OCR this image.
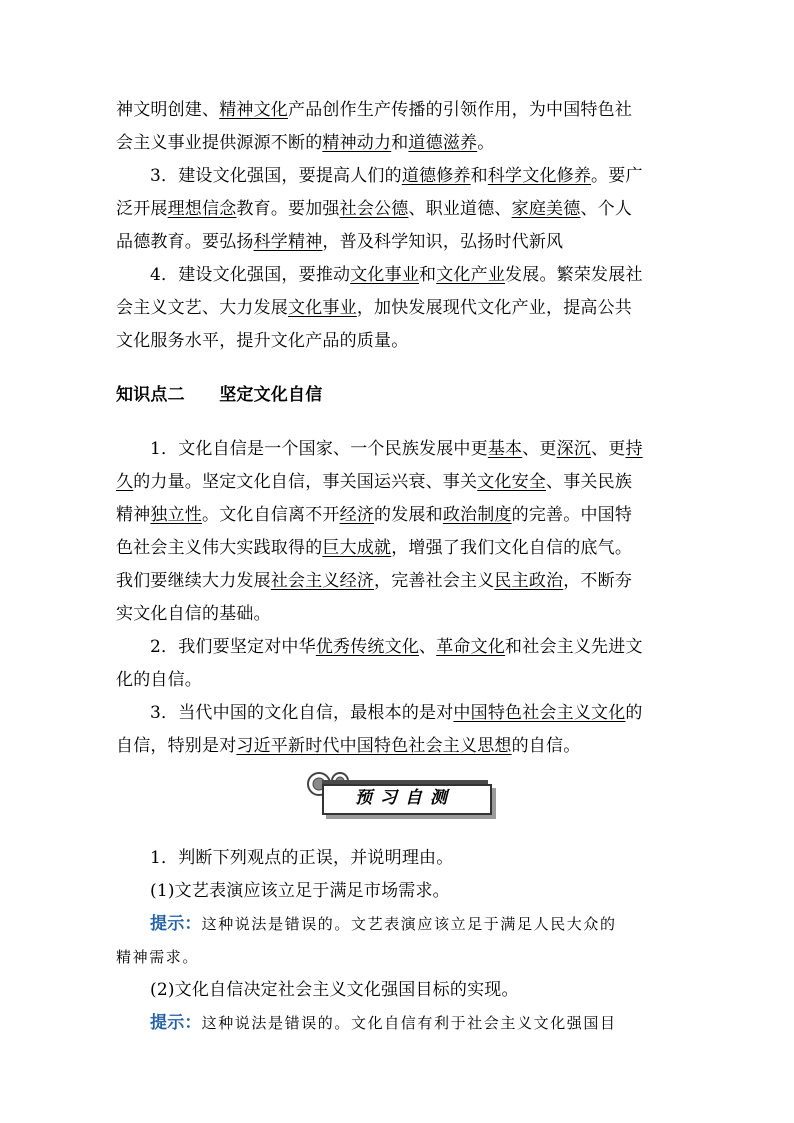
神文明创建、精神文化产品创作生产传播的引领作用，为中国特色社
会主义事业提供源源不断的精神动力和道德滋养。
3．建设文化强国，要提高人们的道德修养和科学文化修养。要广
泛开展理想信念教育。要加强社会公德、职业道德、家庭美德、个人
品德教育。要弘扬科学精神，普及科学知识，弘扬时代新风
4．建设文化强国，要推动文化事业和文化产业发展。繁荣发展社
会主义文艺、大力发展文化事业，加快发展现代文化产业，提高公共
文化服务水平，提升文化产品的质量。
知识点二　　坚定文化自信
1．文化自信是一个国家、一个民族发展中更基本、更深沉、更持
久的力量。坚定文化自信，事关国运兴衰、事关文化安全、事关民族
精神独立性。文化自信离不开经济的发展和政治制度的完善。中国特
色社会主义伟大实践取得的巨大成就，增强了我们文化自信的底气。
我们要继续大力发展社会主义经济，完善社会主义民主政治，不断夯
实文化自信的基础。
2．我们要坚定对中华优秀传统文化、革命文化和社会主义先进文
化的自信。
3．当代中国的文化自信，最根本的是对中国特色社会主义文化的
自信，特别是对习近平新时代中国特色社会主义思想的自信。
1．判断下列观点的正误，并说明理由。
(1)文艺表演应该立足于满足市场需求。
提示：这种说法是错误的。文艺表演应该立足于满足人民大众的
精神需求。
(2)文化自信决定社会主义文化强国目标的实现。
提示：这种说法是错误的。文化自信有利于社会主义文化强国目
预习自测
